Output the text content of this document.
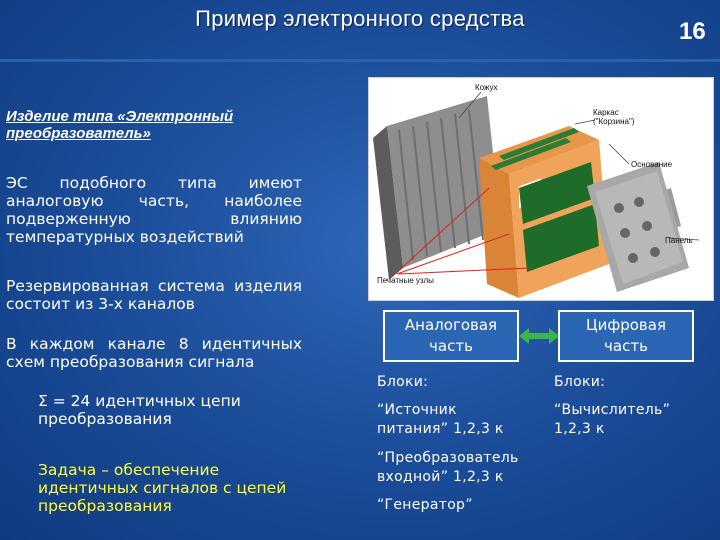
Пример электронного средства	16
Изделие типа «Электронный преобразователь»
ЭС подобного типа имеют аналоговую часть, наиболее подверженную влиянию температурных воздействий
Резервированная система изделия состоит из 3-х каналов
В каждом канале 8 идентичных схем преобразования сигнала
Σ = 24 идентичных цепи преобразования
Задача – обеспечение идентичных сигналов с цепей преобразования
Кожух
Каркас
("Корзина")
Основание
Панель
Печатные узлы
Аналоговая
часть
Цифровая
часть
Блоки:
“Источник
питания” 1,2,3 к
“Преобразователь
входной” 1,2,3 к
“Генератор”
Блоки:
“Вычислитель”
1,2,3 к
